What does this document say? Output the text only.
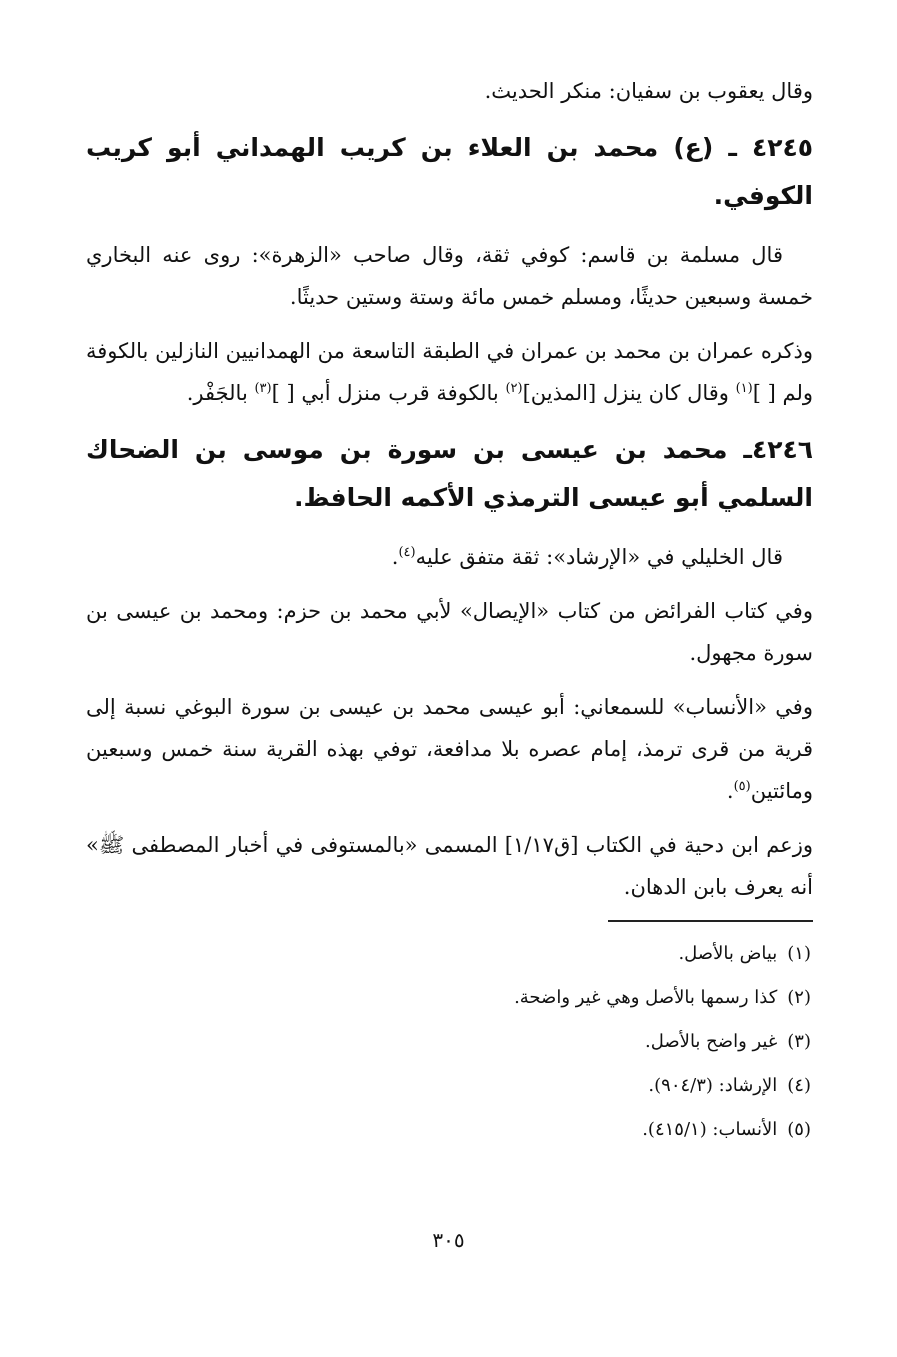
وقال يعقوب بن سفيان: منكر الحديث.

٤٢٤٥ ـ (ع) محمد بن العلاء بن كريب الهمداني أبو كريب الكوفي.

قال مسلمة بن قاسم: كوفي ثقة، وقال صاحب «الزهرة»: روى عنه البخاري خمسة وسبعين حديثًا، ومسلم خمس مائة وستة وستين حديثًا.

وذكره عمران بن محمد بن عمران في الطبقة التاسعة من الهمدانيين النازلين بالكوفة ولم [ ]$^{(١)}$ وقال كان ينزل [المذين]$^{(٢)}$ بالكوفة قرب منزل أبي [ ]$^{(٣)}$ بالجَفْر.

٤٢٤٦ـ محمد بن عيسى بن سورة بن موسى بن الضحاك السلمي أبو عيسى الترمذي الأكمه الحافظ.

قال الخليلي في «الإرشاد»: ثقة متفق عليه$^{(٤)}$.

وفي كتاب الفرائض من كتاب «الإيصال» لأبي محمد بن حزم: ومحمد بن عيسى بن سورة مجهول.

وفي «الأنساب» للسمعاني: أبو عيسى محمد بن عيسى بن سورة البوغي نسبة إلى قرية من قرى ترمذ، إمام عصره بلا مدافعة، توفي بهذه القرية سنة خمس وسبعين ومائتين$^{(٥)}$.

وزعم ابن دحية في الكتاب [ق١/١٧] المسمى «بالمستوفى في أخبار المصطفى ﷺ» أنه يعرف بابن الدهان.

(١)بياض بالأصل.
(٢)كذا رسمها بالأصل وهي غير واضحة.
(٣)غير واضح بالأصل.
(٤)الإرشاد: (٩٠٤/٣).
(٥)الأنساب: (٤١٥/١).
٣٠٥
